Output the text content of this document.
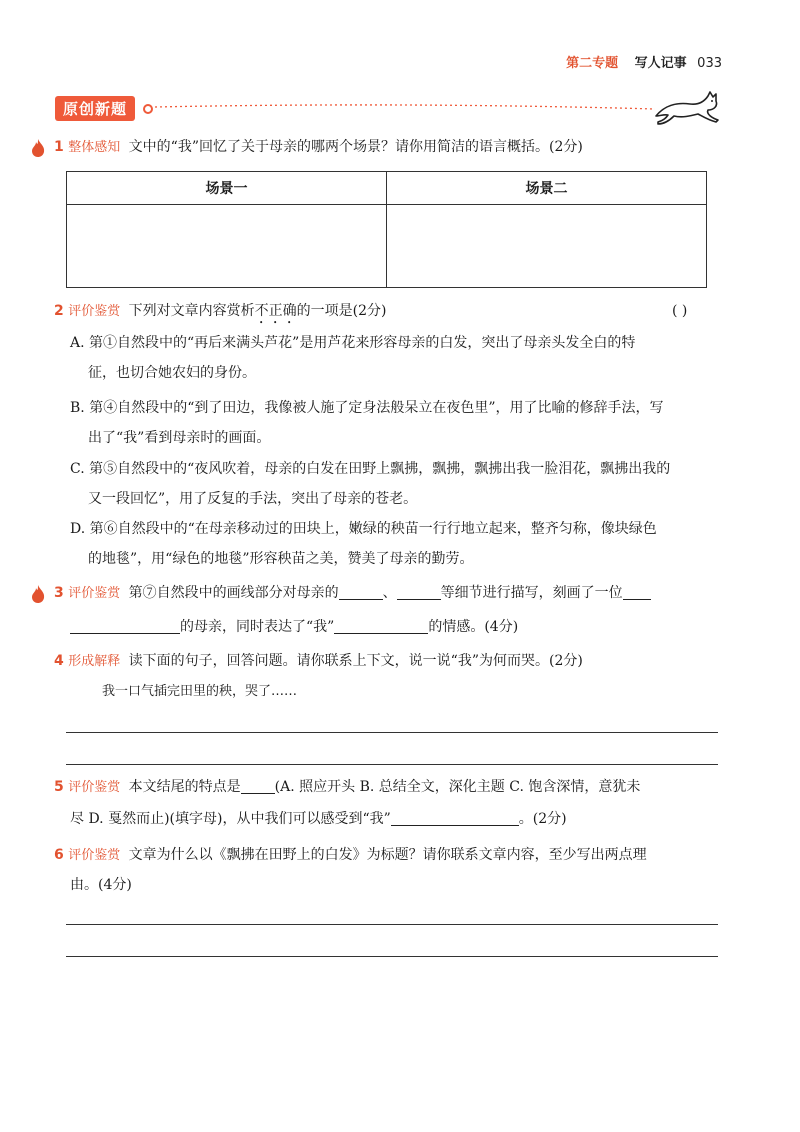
第二专题 写人记事 033
原创新题
1 整体感知 文中的“我”回忆了关于母亲的哪两个场景？请你用简洁的语言概括。(2分)
场景一	场景二

2 评价鉴赏 下列对文章内容赏析不正确的一项是(2分)	( )
A. 第①自然段中的“再后来满头芦花”是用芦花来形容母亲的白发，突出了母亲头发全白的特
征，也切合她农妇的身份。
B. 第④自然段中的“到了田边，我像被人施了定身法般呆立在夜色里”，用了比喻的修辞手法，写
出了“我”看到母亲时的画面。
C. 第⑤自然段中的“夜风吹着，母亲的白发在田野上飘拂，飘拂，飘拂出我一脸泪花，飘拂出我的
又一段回忆”，用了反复的手法，突出了母亲的苍老。
D. 第⑥自然段中的“在母亲移动过的田块上，嫩绿的秧苗一行行地立起来，整齐匀称，像块绿色
的地毯”，用“绿色的地毯”形容秧苗之美，赞美了母亲的勤劳。
3 评价鉴赏 第⑦自然段中的画线部分对母亲的	、	等细节进行描写，刻画了一位
的母亲，同时表达了“我”	的情感。(4分)
4 形成解释 读下面的句子，回答问题。请你联系上下文，说一说“我”为何而哭。(2分)
我一口气插完田里的秧，哭了……
5 评价鉴赏 本文结尾的特点是 (A. 照应开头 B. 总结全文，深化主题 C. 饱含深情，意犹未
尽 D. 戛然而止)(填字母)，从中我们可以感受到“我”	。(2分)
6 评价鉴赏 文章为什么以《飘拂在田野上的白发》为标题？请你联系文章内容，至少写出两点理
由。(4分)
